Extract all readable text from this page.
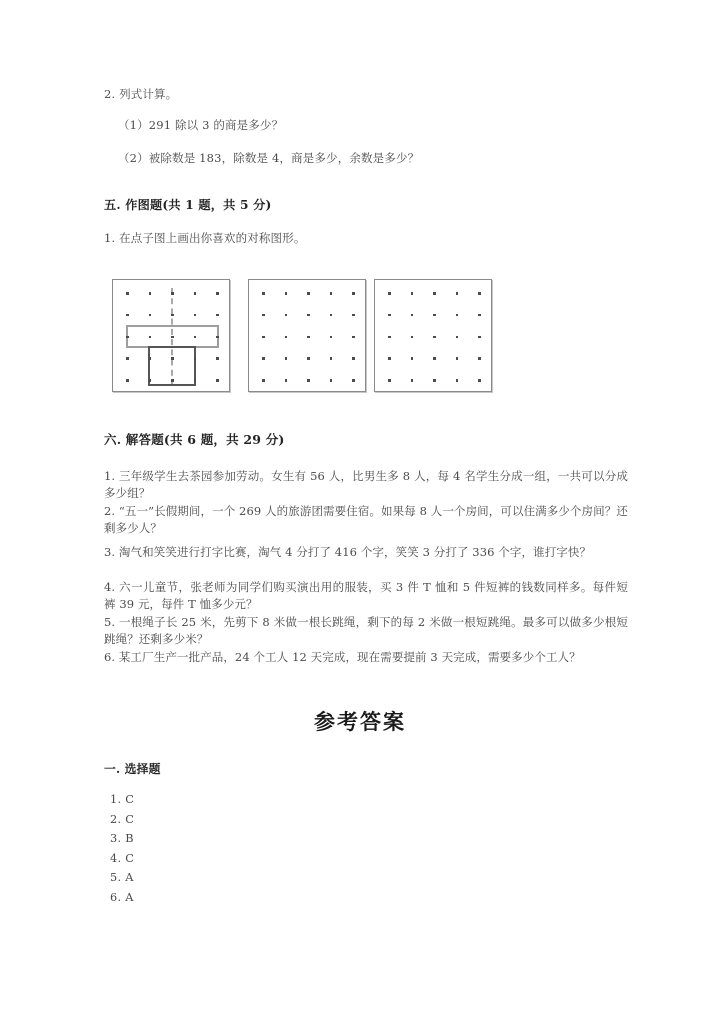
2. 列式计算。
（1）291 除以 3 的商是多少？
（2）被除数是 183，除数是 4，商是多少，余数是多少？
五. 作图题(共 1 题，共 5 分)
1. 在点子图上画出你喜欢的对称图形。
六. 解答题(共 6 题，共 29 分)
1. 三年级学生去茶园参加劳动。女生有 56 人，比男生多 8 人，每 4 名学生分成一组，一共可以分成多少组？
2. “五一”长假期间，一个 269 人的旅游团需要住宿。如果每 8 人一个房间，可以住满多少个房间？还剩多少人？
3. 淘气和笑笑进行打字比赛，淘气 4 分打了 416 个字，笑笑 3 分打了 336 个字，谁打字快？
4. 六一儿童节，张老师为同学们购买演出用的服装，买 3 件 T 恤和 5 件短裤的钱数同样多。每件短裤 39 元，每件 T 恤多少元？
5. 一根绳子长 25 米，先剪下 8 米做一根长跳绳，剩下的每 2 米做一根短跳绳。最多可以做多少根短跳绳？还剩多少米？
6. 某工厂生产一批产品，24 个工人 12 天完成，现在需要提前 3 天完成，需要多少个工人？
参考答案
一. 选择题
1. C
2. C
3. B
4. C
5. A
6. A
